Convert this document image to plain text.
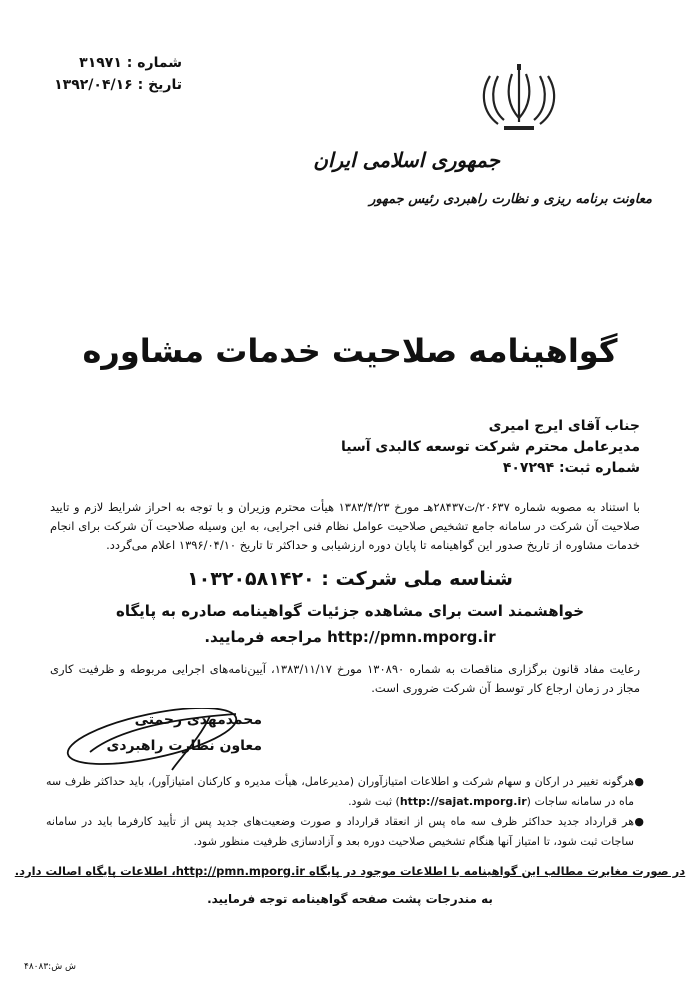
شماره : ۳۱۹۷۱
تاریخ : ۱۳۹۲/۰۴/۱۶
جمهوری اسلامی ایران
معاونت برنامه ریزی و نظارت راهبردی رئیس جمهور
گواهینامه صلاحیت خدمات مشاوره
جناب آقای ایرج امیری
مدیرعامل محترم شرکت توسعه کالبدی آسیا
شماره ثبت: ۴۰۷۲۹۴
با استناد به مصوبه شماره ۲۰۶۳۷/ت۲۸۴۳۷هـ مورخ ۱۳۸۳/۴/۲۳ هیأت محترم وزیران و با توجه به احراز شرایط لازم و تایید صلاحیت آن شرکت در سامانه جامع تشخیص صلاحیت عوامل نظام فنی اجرایی، به این وسیله صلاحیت آن شرکت برای انجام خدمات مشاوره از تاریخ صدور این گواهینامه تا پایان دوره ارزشیابی و حداکثر تا تاریخ ۱۳۹۶/۰۴/۱۰ اعلام می‌گردد.
شناسه ملی شرکت : ۱۰۳۲۰۵۸۱۴۲۰
خواهشمند است برای مشاهده جزئیات گواهینامه صادره به پایگاه
http://pmn.mporg.ir مراجعه فرمایید.
رعایت مفاد قانون برگزاری مناقصات به شماره ۱۳۰۸۹۰ مورخ ۱۳۸۳/۱۱/۱۷، آیین‌نامه‌های اجرایی مربوطه و ظرفیت کاری مجاز در زمان ارجاع کار توسط آن شرکت ضروری است.
محمدمهدی رحمتی
معاون نظارت راهبردی
●
هرگونه تغییر در ارکان و سهام شرکت و اطلاعات امتیازآوران (مدیرعامل، هیأت مدیره و کارکنان امتیازآور)، باید حداکثر ظرف سه ماه در سامانه ساجات (http://sajat.mporg.ir) ثبت شود.
●
هر قرارداد جدید حداکثر ظرف سه ماه پس از انعقاد قرارداد و صورت وضعیت‌های جدید پس از تأیید کارفرما باید در سامانه ساجات ثبت شود، تا امتیاز آنها هنگام تشخیص صلاحیت دوره بعد و آزادسازی ظرفیت منظور شود.
در صورت مغایرت مطالب این گواهینامه با اطلاعات موجود در پایگاه http://pmn.mporg.ir، اطلاعات پایگاه اصالت دارد.
به مندرجات پشت صفحه گواهینامه توجه فرمایید.
ش ش:۴۸۰۸۳
